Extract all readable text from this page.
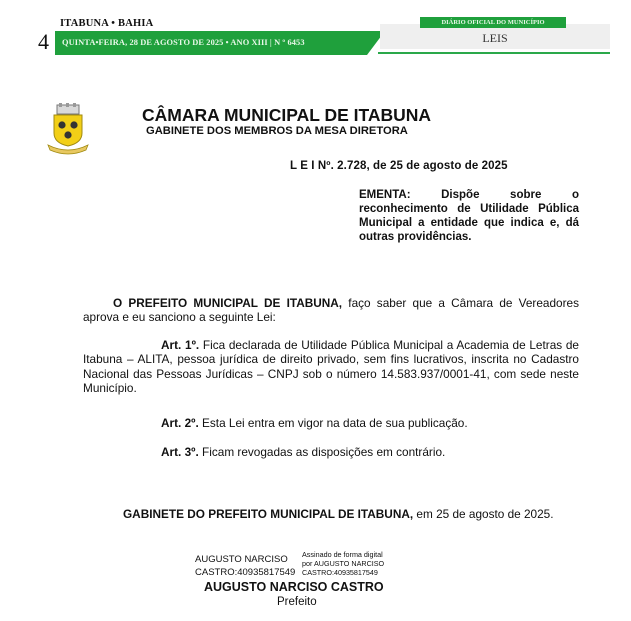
ITABUNA • BAHIA
4 QUINTA•FEIRA, 28 DE AGOSTO DE 2025 • ANO XIII | N º 6453
DIÁRIO OFICIAL DO MUNICÍPIO
LEIS
CÂMARA MUNICIPAL DE ITABUNA
GABINETE DOS MEMBROS DA MESA DIRETORA
L E I Nº. 2.728, de 25 de agosto de 2025
EMENTA: Dispõe sobre o reconhecimento de Utilidade Pública Municipal a entidade que indica e, dá outras providências.
O PREFEITO MUNICIPAL DE ITABUNA, faço saber que a Câmara de Vereadores aprova e eu sanciono a seguinte Lei:
Art. 1º. Fica declarada de Utilidade Pública Municipal a Academia de Letras de Itabuna – ALITA, pessoa jurídica de direito privado, sem fins lucrativos, inscrita no Cadastro Nacional das Pessoas Jurídicas – CNPJ sob o número 14.583.937/0001-41, com sede neste Município.
Art. 2º. Esta Lei entra em vigor na data de sua publicação.
Art. 3º. Ficam revogadas as disposições em contrário.
GABINETE DO PREFEITO MUNICIPAL DE ITABUNA, em 25 de agosto de 2025.
AUGUSTO NARCISO
CASTRO:40935817549
Assinado de forma digital
por AUGUSTO NARCISO
CASTRO:40935817549
AUGUSTO NARCISO CASTRO
Prefeito
